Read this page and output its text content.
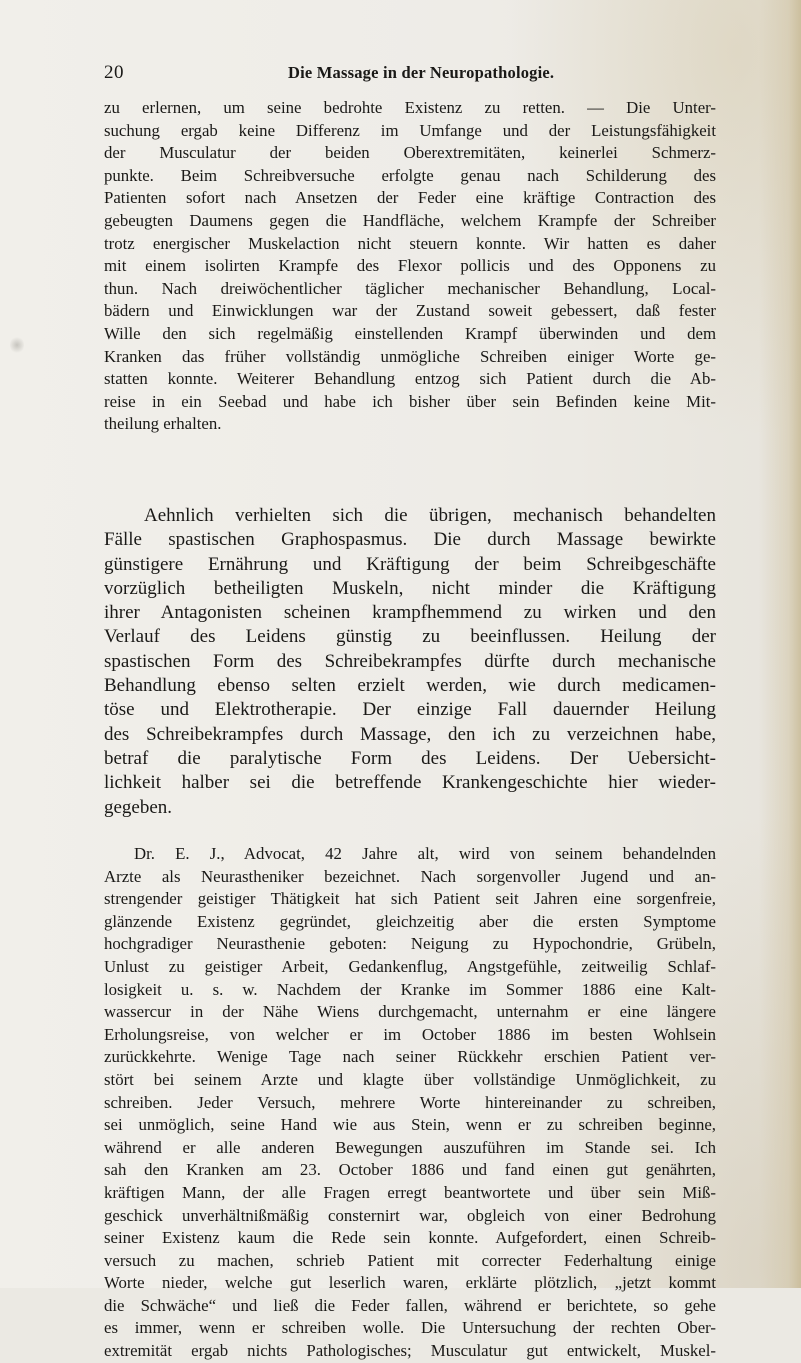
20	Die Massage in der Neuropathologie.
zu erlernen, um seine bedrohte Existenz zu retten. — Die Unter-
suchung ergab keine Differenz im Umfange und der Leistungsfähigkeit
der Musculatur der beiden Oberextremitäten, keinerlei Schmerz-
punkte. Beim Schreibversuche erfolgte genau nach Schilderung des
Patienten sofort nach Ansetzen der Feder eine kräftige Contraction des
gebeugten Daumens gegen die Handfläche, welchem Krampfe der Schreiber
trotz energischer Muskelaction nicht steuern konnte. Wir hatten es daher
mit einem isolirten Krampfe des Flexor pollicis und des Opponens zu
thun. Nach dreiwöchentlicher täglicher mechanischer Behandlung, Local-
bädern und Einwicklungen war der Zustand soweit gebessert, daß fester
Wille den sich regelmäßig einstellenden Krampf überwinden und dem
Kranken das früher vollständig unmögliche Schreiben einiger Worte ge-
statten konnte. Weiterer Behandlung entzog sich Patient durch die Ab-
reise in ein Seebad und habe ich bisher über sein Befinden keine Mit-
theilung erhalten.
Aehnlich verhielten sich die übrigen, mechanisch behandelten
Fälle spastischen Graphospasmus. Die durch Massage bewirkte
günstigere Ernährung und Kräftigung der beim Schreibgeschäfte
vorzüglich betheiligten Muskeln, nicht minder die Kräftigung
ihrer Antagonisten scheinen krampfhemmend zu wirken und den
Verlauf des Leidens günstig zu beeinflussen. Heilung der
spastischen Form des Schreibekrampfes dürfte durch mechanische
Behandlung ebenso selten erzielt werden, wie durch medicamen-
töse und Elektrotherapie. Der einzige Fall dauernder Heilung
des Schreibekrampfes durch Massage, den ich zu verzeichnen habe,
betraf die paralytische Form des Leidens. Der Uebersicht-
lichkeit halber sei die betreffende Krankengeschichte hier wieder-
gegeben.
Dr. E. J., Advocat, 42 Jahre alt, wird von seinem behandelnden
Arzte als Neurastheniker bezeichnet. Nach sorgenvoller Jugend und an-
strengender geistiger Thätigkeit hat sich Patient seit Jahren eine sorgenfreie,
glänzende Existenz gegründet, gleichzeitig aber die ersten Symptome
hochgradiger Neurasthenie geboten: Neigung zu Hypochondrie, Grübeln,
Unlust zu geistiger Arbeit, Gedankenflug, Angstgefühle, zeitweilig Schlaf-
losigkeit u. s. w. Nachdem der Kranke im Sommer 1886 eine Kalt-
wassercur in der Nähe Wiens durchgemacht, unternahm er eine längere
Erholungsreise, von welcher er im October 1886 im besten Wohlsein
zurückkehrte. Wenige Tage nach seiner Rückkehr erschien Patient ver-
stört bei seinem Arzte und klagte über vollständige Unmöglichkeit, zu
schreiben. Jeder Versuch, mehrere Worte hintereinander zu schreiben,
sei unmöglich, seine Hand wie aus Stein, wenn er zu schreiben beginne,
während er alle anderen Bewegungen auszuführen im Stande sei. Ich
sah den Kranken am 23. October 1886 und fand einen gut genährten,
kräftigen Mann, der alle Fragen erregt beantwortete und über sein Miß-
geschick unverhältnißmäßig consternirt war, obgleich von einer Bedrohung
seiner Existenz kaum die Rede sein konnte. Aufgefordert, einen Schreib-
versuch zu machen, schrieb Patient mit correcter Federhaltung einige
Worte nieder, welche gut leserlich waren, erklärte plötzlich, „jetzt kommt
die Schwäche“ und ließ die Feder fallen, während er berichtete, so gehe
es immer, wenn er schreiben wolle. Die Untersuchung der rechten Ober-
extremität ergab nichts Pathologisches; Musculatur gut entwickelt, Muskel-
